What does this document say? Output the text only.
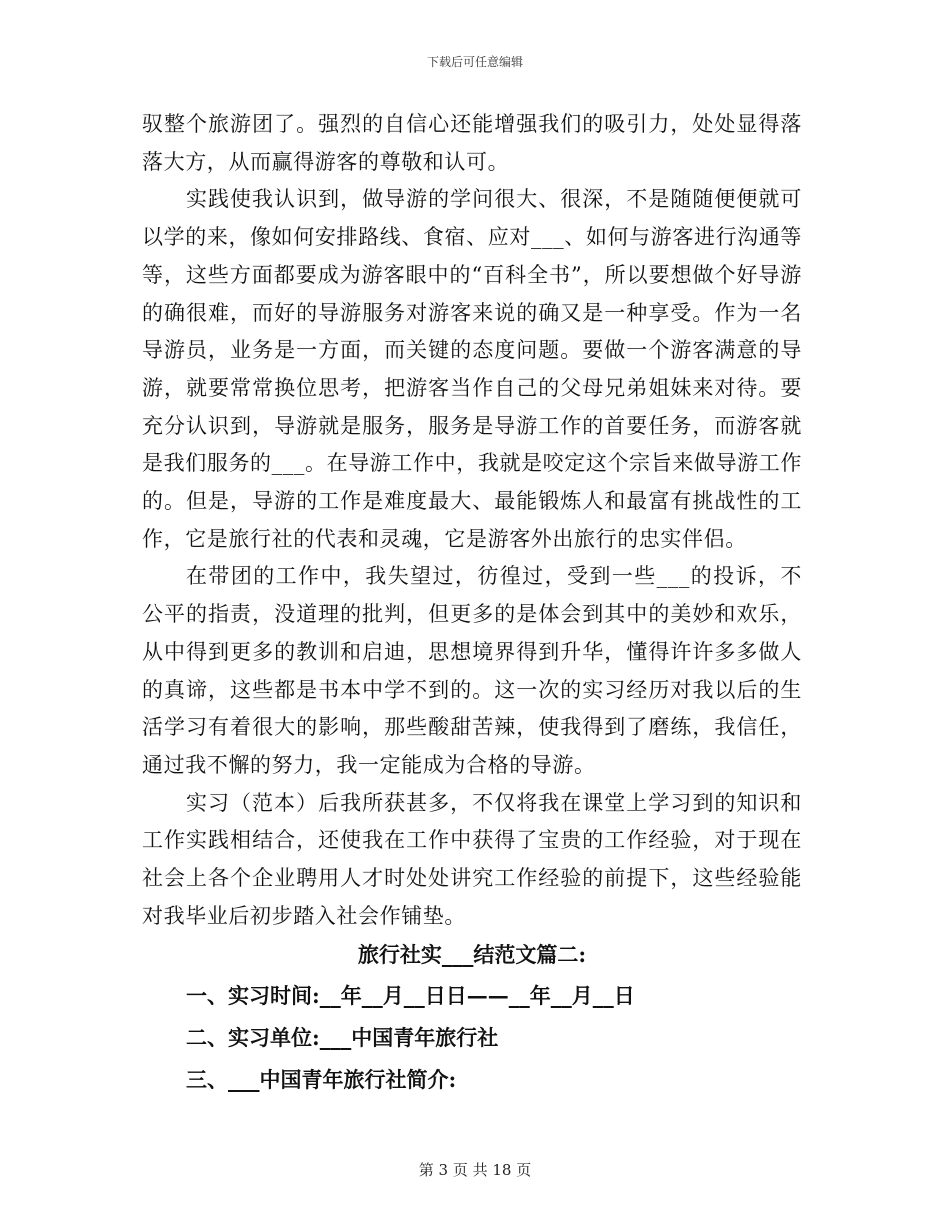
下载后可任意编辑

驭整个旅游团了。强烈的自信心还能增强我们的吸引力，处处显得落落大方，从而赢得游客的尊敬和认可。

实践使我认识到，做导游的学问很大、很深，不是随随便便就可以学的来，像如何安排路线、食宿、应对___、如何与游客进行沟通等等，这些方面都要成为游客眼中的“百科全书”，所以要想做个好导游的确很难，而好的导游服务对游客来说的确又是一种享受。作为一名导游员，业务是一方面，而关键的态度问题。要做一个游客满意的导游，就要常常换位思考，把游客当作自己的父母兄弟姐妹来对待。要充分认识到，导游就是服务，服务是导游工作的首要任务，而游客就是我们服务的___。在导游工作中，我就是咬定这个宗旨来做导游工作的。但是，导游的工作是难度最大、最能锻炼人和最富有挑战性的工作，它是旅行社的代表和灵魂，它是游客外出旅行的忠实伴侣。

在带团的工作中，我失望过，彷徨过，受到一些___的投诉，不公平的指责，没道理的批判，但更多的是体会到其中的美妙和欢乐，从中得到更多的教训和启迪，思想境界得到升华，懂得许许多多做人的真谛，这些都是书本中学不到的。这一次的实习经历对我以后的生活学习有着很大的影响，那些酸甜苦辣，使我得到了磨练，我信任，通过我不懈的努力，我一定能成为合格的导游。

实习（范本）后我所获甚多，不仅将我在课堂上学习到的知识和工作实践相结合，还使我在工作中获得了宝贵的工作经验，对于现在社会上各个企业聘用人才时处处讲究工作经验的前提下，这些经验能对我毕业后初步踏入社会作铺垫。

旅行社实___结范文篇二:

一、实习时间:__年__月__日日——__年__月__日

二、实习单位:___中国青年旅行社

三、___中国青年旅行社简介:

第 3 页 共 18 页
